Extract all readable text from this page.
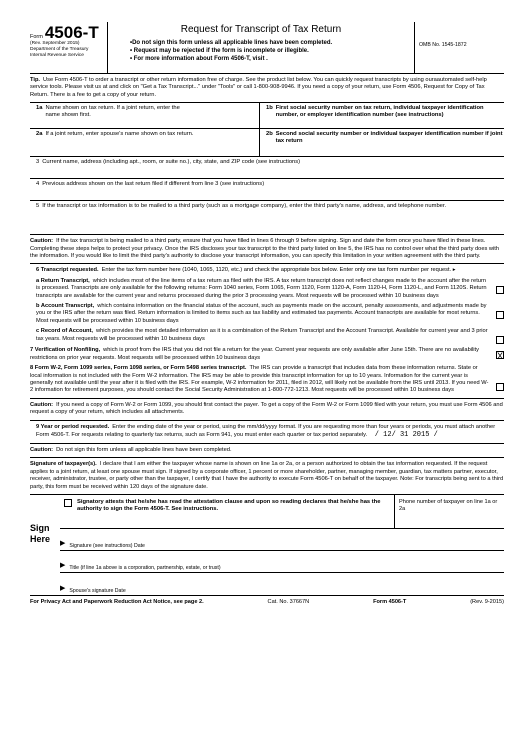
Form 4506-T
(Rev. September 2015)
Department of the Treasury
Internal Revenue Service
Request for Transcript of Tax Return
•Do not sign this form unless all applicable lines have been completed.
• Request may be rejected if the form is incomplete or illegible.
• For more information about Form 4506-T, visit .
OMB No. 1545-1872
Tip. Use Form 4506-T to order a transcript or other return information free of charge. See the product list below. You can quickly request transcripts by using ouraautomated self-help service tools. Please visit us at and click on "Get a Tax Transcript..." under "Tools" or call 1-800-908-9946. If you need a copy of your return, use Form 4506, Request for Copy of Tax Return. There is a fee to get a copy of your return.
1a Name shown on tax return. If a joint return, enter the name shown first.
1b First social security number on tax return, individual taxpayer identification number, or employer identification number (see instructions)
2a If a joint return, enter spouse's name shown on tax return.	2b Second social security number or individual taxpayer identification number if joint tax return
3 Current name, address (including apt., room, or suite no.), city, state, and ZIP code (see instructions)
4 Previous address shown on the last return filed if different from line 3 (see instructions)
5 If the transcript or tax information is to be mailed to a third party (such as a mortgage company), enter the third party's name, address, and telephone number.
Caution: If the tax transcript is being mailed to a third party, ensure that you have filled in lines 6 through 9 before signing. Sign and date the form once you have filled in these lines. Completing these steps helps to protect your privacy. Once the IRS discloses your tax transcript to the third party listed on line 5, the IRS has no control over what the third party does with the information. If you would like to limit the third party's authority to disclose your transcript information, you can specify this limitation in your written agreement with the third party.
6 Transcript requested. Enter the tax form number here (1040, 1065, 1120, etc.) and check the appropriate box below. Enter only one tax form number per request. ▸
a Return Transcript, which includes most of the line items of a tax return as filed with the IRS. A tax return transcript does not reflect changes made to the account after the return is processed. Transcripts are only available for the following returns: Form 1040 series, Form 1065, Form 1120, Form 1120-A, Form 1120-H, Form 1120-L, and Form 1120S. Return transcripts are available for the current year and returns processed during the prior 3 processing years. Most requests will be processed within 10 business days
b Account Transcript, which contains information on the financial status of the account, such as payments made on the account, penalty assessments, and adjustments made by you or the IRS after the return was filed. Return information is limited to items such as tax liability and estimated tax payments. Account transcripts are available for most returns. Most requests will be processed within 10 business days
c Record of Account, which provides the most detailed information as it is a combination of the Return Transcript and the Account Transcript. Available for current year and 3 prior tax years. Most requests will be processed within 10 business days
7 Verification of Nonfiling, which is proof from the IRS that you did not file a return for the year. Current year requests are only available after June 15th. There are no availability restrictions on prior year requests. Most requests will be processed within 10 business days	X
8 Form W-2, Form 1099 series, Form 1098 series, or Form 5498 series transcript. The IRS can provide a transcript that includes data from these information returns. State or local information is not included with the Form W-2 information. The IRS may be able to provide this transcript information for up to 10 years. Information for the current year is generally not available until the year after it is filed with the IRS. For example, W-2 information for 2011, filed in 2012, will likely not be available from the IRS until 2013. If you need W-2 information for retirement purposes, you should contact the Social Security Administration at 1-800-772-1213. Most requests will be processed within 10 business days
Caution: If you need a copy of Form W-2 or Form 1099, you should first contact the payer. To get a copy of the Form W-2 or Form 1099 filed with your return, you must use Form 4506 and request a copy of your return, which includes all attachments.
9 Year or period requested. Enter the ending date of the year or period, using the mm/dd/yyyy format. If you are requesting more than four years or periods, you must attach another Form 4506-T. For requests relating to quarterly tax returns, such as Form 941, you must enter each quarter or tax period separately. / 12/ 31 2015 /
Caution: Do not sign this form unless all applicable lines have been completed.
Signature of taxpayer(s). I declare that I am either the taxpayer whose name is shown on line 1a or 2a, or a person authorized to obtain the tax information requested. If the request applies to a joint return, at least one spouse must sign. If signed by a corporate officer, 1 percent or more shareholder, partner, managing member, guardian, tax matters partner, executor, receiver, administrator, trustee, or party other than the taxpayer, I certify that I have the authority to execute Form 4506-T on behalf of the taxpayer. Note: For transcripts being sent to a third party, this form must be received within 120 days of the signature date.
Sign Here
Signatory attests that he/she has read the attestation clause and upon so reading declares that he/she has the authority to sign the Form 4506-T. See instructions.
Phone number of taxpayer on line 1a or 2a
▶ Signature (see instructions) Date
▶ Title (if line 1a above is a corporation, partnership, estate, or trust)
▶ Spouse's signature Date
For Privacy Act and Paperwork Reduction Act Notice, see page 2.	Cat. No. 37667N	Form 4506-T	(Rev. 9-2015)
